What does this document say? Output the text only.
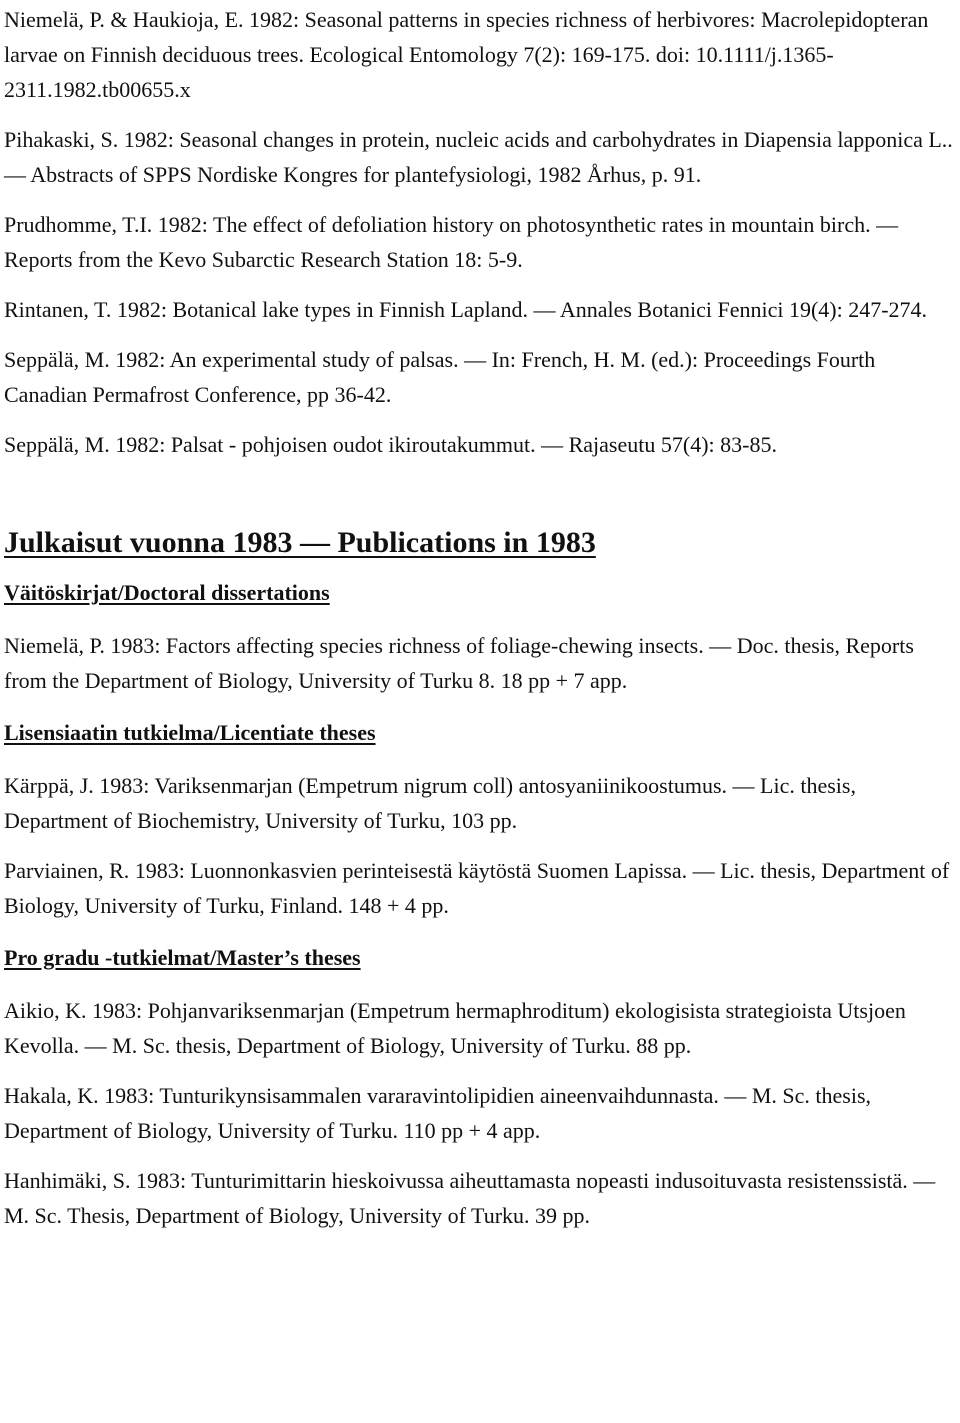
Niemelä, P. & Haukioja, E. 1982: Seasonal patterns in species richness of herbivores: Macrolepidopteran larvae on Finnish deciduous trees. Ecological Entomology 7(2): 169-175. doi: 10.1111/j.1365-2311.1982.tb00655.x

Pihakaski, S. 1982: Seasonal changes in protein, nucleic acids and carbohydrates in Diapensia lapponica L.. — Abstracts of SPPS Nordiske Kongres for plantefysiologi, 1982 Århus, p. 91.

Prudhomme, T.I. 1982: The effect of defoliation history on photosynthetic rates in mountain birch. — Reports from the Kevo Subarctic Research Station 18: 5-9.

Rintanen, T. 1982: Botanical lake types in Finnish Lapland. — Annales Botanici Fennici 19(4): 247-274.

Seppälä, M. 1982: An experimental study of palsas. — In: French, H. M. (ed.): Proceedings Fourth Canadian Permafrost Conference, pp 36-42.

Seppälä, M. 1982: Palsat - pohjoisen oudot ikiroutakummut. — Rajaseutu 57(4): 83-85.

Julkaisut vuonna 1983 — Publications in 1983
Väitöskirjat/Doctoral dissertations

Niemelä, P. 1983: Factors affecting species richness of foliage-chewing insects. — Doc. thesis, Reports from the Department of Biology, University of Turku 8. 18 pp + 7 app.

Lisensiaatin tutkielma/Licentiate theses

Kärppä, J. 1983: Variksenmarjan (Empetrum nigrum coll) antosyaniinikoostumus. — Lic. thesis, Department of Biochemistry, University of Turku, 103 pp.

Parviainen, R. 1983: Luonnonkasvien perinteisestä käytöstä Suomen Lapissa. — Lic. thesis, Department of Biology, University of Turku, Finland. 148 + 4 pp.

Pro gradu -tutkielmat/Master’s theses

Aikio, K. 1983: Pohjanvariksenmarjan (Empetrum hermaphroditum) ekologisista strategioista Utsjoen Kevolla. — M. Sc. thesis, Department of Biology, University of Turku. 88 pp.

Hakala, K. 1983: Tunturikynsisammalen vararavintolipidien aineenvaihdunnasta. — M. Sc. thesis, Department of Biology, University of Turku. 110 pp + 4 app.

Hanhimäki, S. 1983: Tunturimittarin hieskoivussa aiheuttamasta nopeasti indusoituvasta resistenssistä. — M. Sc. Thesis, Department of Biology, University of Turku. 39 pp.
